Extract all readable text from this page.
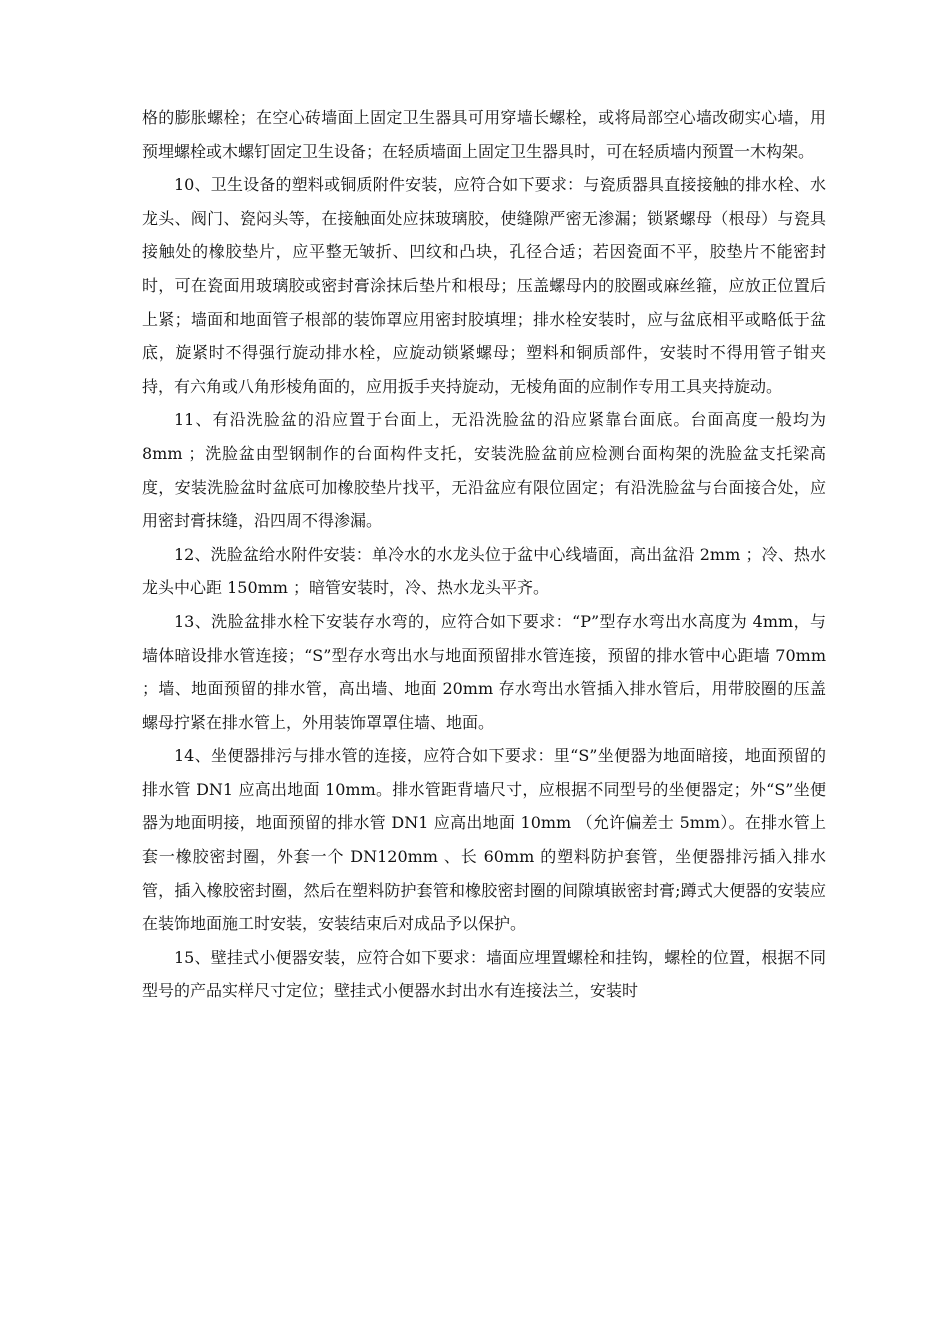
格的膨胀螺栓；在空心砖墙面上固定卫生器具可用穿墙长螺栓，或将局部空心墙改砌实心墙，用预埋螺栓或木螺钉固定卫生设备；在轻质墙面上固定卫生器具时，可在轻质墙内预置一木构架。

10、卫生设备的塑料或铜质附件安装，应符合如下要求：与瓷质器具直接接触的排水栓、水龙头、阀门、瓷闷头等，在接触面处应抹玻璃胶，使缝隙严密无渗漏；锁紧螺母（根母）与瓷具接触处的橡胶垫片，应平整无皱折、凹纹和凸块，孔径合适；若因瓷面不平，胶垫片不能密封时，可在瓷面用玻璃胶或密封膏涂抹后垫片和根母；压盖螺母内的胶圈或麻丝箍，应放正位置后上紧；墙面和地面管子根部的装饰罩应用密封胶填埋；排水栓安装时，应与盆底相平或略低于盆底，旋紧时不得强行旋动排水栓，应旋动锁紧螺母；塑料和铜质部件，安装时不得用管子钳夹持，有六角或八角形棱角面的，应用扳手夹持旋动，无棱角面的应制作专用工具夹持旋动。

11、有沿洗脸盆的沿应置于台面上，无沿洗脸盆的沿应紧靠台面底。台面高度一般均为 8mm ；洗脸盆由型钢制作的台面构件支托，安装洗脸盆前应检测台面构架的洗脸盆支托梁高度，安装洗脸盆时盆底可加橡胶垫片找平，无沿盆应有限位固定；有沿洗脸盆与台面接合处，应用密封膏抹缝，沿四周不得渗漏。

12、洗脸盆给水附件安装：单冷水的水龙头位于盆中心线墙面，高出盆沿 2mm ；冷、热水龙头中心距 150mm ；暗管安装时，冷、热水龙头平齐。

13、洗脸盆排水栓下安装存水弯的，应符合如下要求：“P”型存水弯出水高度为 4mm，与墙体暗设排水管连接；“S”型存水弯出水与地面预留排水管连接，预留的排水管中心距墙 70mm ；墙、地面预留的排水管，高出墙、地面 20mm 存水弯出水管插入排水管后，用带胶圈的压盖螺母拧紧在排水管上，外用装饰罩罩住墙、地面。

14、坐便器排污与排水管的连接，应符合如下要求：里“S”坐便器为地面暗接，地面预留的排水管 DN1 应高出地面 10mm。排水管距背墙尺寸，应根据不同型号的坐便器定；外“S”坐便器为地面明接，地面预留的排水管 DN1 应高出地面 10mm （允许偏差士 5mm）。在排水管上套一橡胶密封圈，外套一个 DN120mm 、长 60mm 的塑料防护套管，坐便器排污插入排水管，插入橡胶密封圈，然后在塑料防护套管和橡胶密封圈的间隙填嵌密封膏;蹲式大便器的安装应在装饰地面施工时安装，安装结束后对成品予以保护。

15、壁挂式小便器安装，应符合如下要求：墙面应埋置螺栓和挂钩，螺栓的位置，根据不同型号的产品实样尺寸定位；壁挂式小便器水封出水有连接法兰，安装时
